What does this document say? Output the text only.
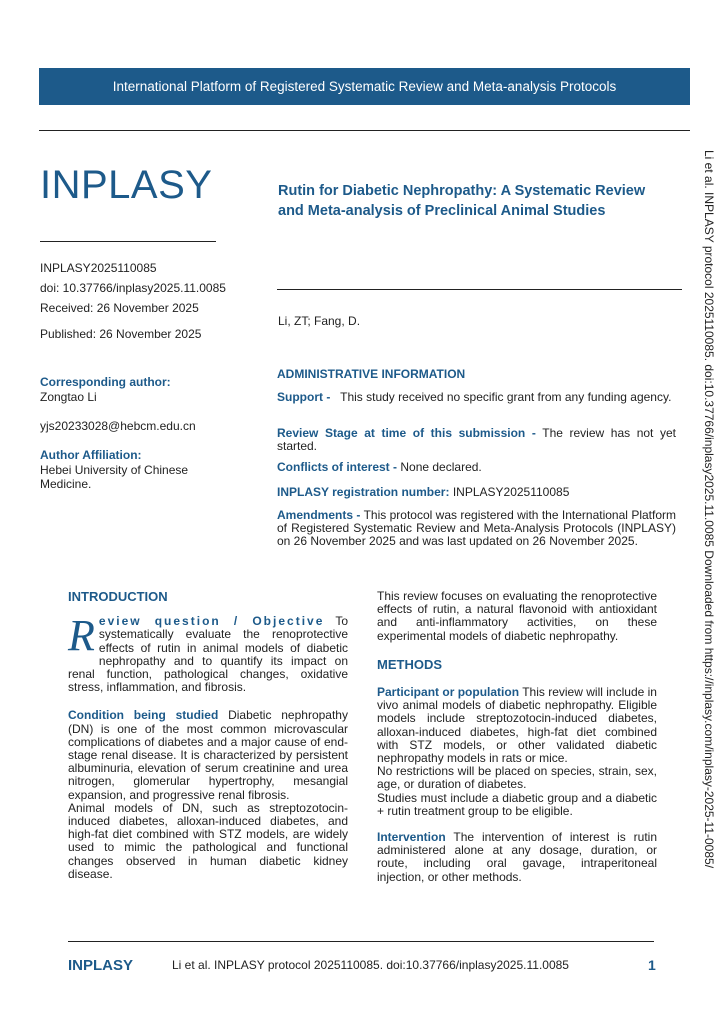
International Platform of Registered Systematic Review and Meta-analysis Protocols
INPLASY
INPLASY2025110085
doi: 10.37766/inplasy2025.11.0085
Received: 26 November 2025
Published: 26 November 2025
Corresponding author:
Zongtao Li
yjs20233028@hebcm.edu.cn
Author Affiliation:
Hebei University of Chinese Medicine.
Rutin for Diabetic Nephropathy: A Systematic Review and Meta-analysis of Preclinical Animal Studies
Li, ZT; Fang, D.
ADMINISTRATIVE INFORMATION
Support - This study received no specific grant from any funding agency.
Review Stage at time of this submission - The review has not yet started.
Conflicts of interest - None declared.
INPLASY registration number: INPLASY2025110085
Amendments - This protocol was registered with the International Platform of Registered Systematic Review and Meta-Analysis Protocols (INPLASY) on 26 November 2025 and was last updated on 26 November 2025.

INTRODUCTION

R eview question / Objective To systematically evaluate the renoprotective effects of rutin in animal models of diabetic nephropathy and to quantify its impact on renal function, pathological changes, oxidative stress, inflammation, and fibrosis.

Condition being studied Diabetic nephropathy (DN) is one of the most common microvascular complications of diabetes and a major cause of end-stage renal disease. It is characterized by persistent albuminuria, elevation of serum creatinine and urea nitrogen, glomerular hypertrophy, mesangial expansion, and progressive renal fibrosis.

Animal models of DN, such as streptozotocin-induced diabetes, alloxan-induced diabetes, and high-fat diet combined with STZ models, are widely used to mimic the pathological and functional changes observed in human diabetic kidney disease.

This review focuses on evaluating the renoprotective effects of rutin, a natural flavonoid with antioxidant and anti-inflammatory activities, on these experimental models of diabetic nephropathy.

METHODS

Participant or population This review will include in vivo animal models of diabetic nephropathy. Eligible models include streptozotocin-induced diabetes, alloxan-induced diabetes, high-fat diet combined with STZ models, or other validated diabetic nephropathy models in rats or mice.

No restrictions will be placed on species, strain, sex, age, or duration of diabetes.

Studies must include a diabetic group and a diabetic + rutin treatment group to be eligible.

Intervention The intervention of interest is rutin administered alone at any dosage, duration, or route, including oral gavage, intraperitoneal injection, or other methods.

Li et al. INPLASY protocol 2025110085. doi:10.37766/inplasy2025.11.0085 Downloaded from https://inplasy.com/inplasy-2025-11-0085/
INPLASY	Li et al. INPLASY protocol 2025110085. doi:10.37766/inplasy2025.11.0085	1
